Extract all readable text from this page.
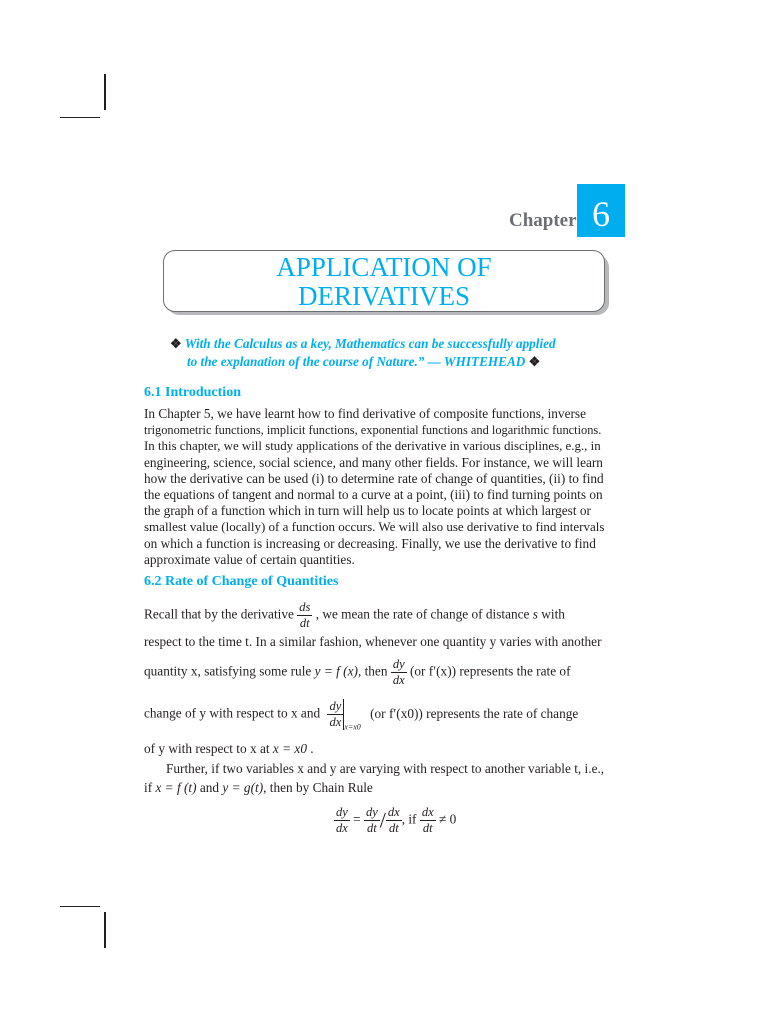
Chapter 6
APPLICATION OF
DERIVATIVES
❖ With the Calculus as a key, Mathematics can be successfully applied
to the explanation of the course of Nature.” — WHITEHEAD ❖
6.1 Introduction
In Chapter 5, we have learnt how to find derivative of composite functions, inverse
trigonometric functions, implicit functions, exponential functions and logarithmic functions.
In this chapter, we will study applications of the derivative in various disciplines, e.g., in
engineering, science, social science, and many other fields. For instance, we will learn
how the derivative can be used (i) to determine rate of change of quantities, (ii) to find
the equations of tangent and normal to a curve at a point, (iii) to find turning points on
the graph of a function which in turn will help us to locate points at which largest or
smallest value (locally) of a function occurs. We will also use derivative to find intervals
on which a function is increasing or decreasing. Finally, we use the derivative to find
approximate value of certain quantities.
6.2 Rate of Change of Quantities
Recall that by the derivative $\frac{ds}{dt}$ , we mean the rate of change of distance s with
respect to the time t. In a similar fashion, whenever one quantity y varies with another
quantity x, satisfying some rule y = f (x), then $\frac{dy}{dx} (or$ f′(x)) represents the rate of
change of y with respect to x and $\frac{dy}{dx} _{x=x0}$ (or f′(x0)) represents the rate of change
of y with respect to x at x = x0 .
Further, if two variables x and y are varying with respect to another variable t, i.e.,
if x = f (t) and y = g(t), then by Chain Rule
$\frac{dy}{dx} = \frac{dy}{dt} / \frac{dx}{dt}$ , if $\frac{dx}{dt} \ne 0$
